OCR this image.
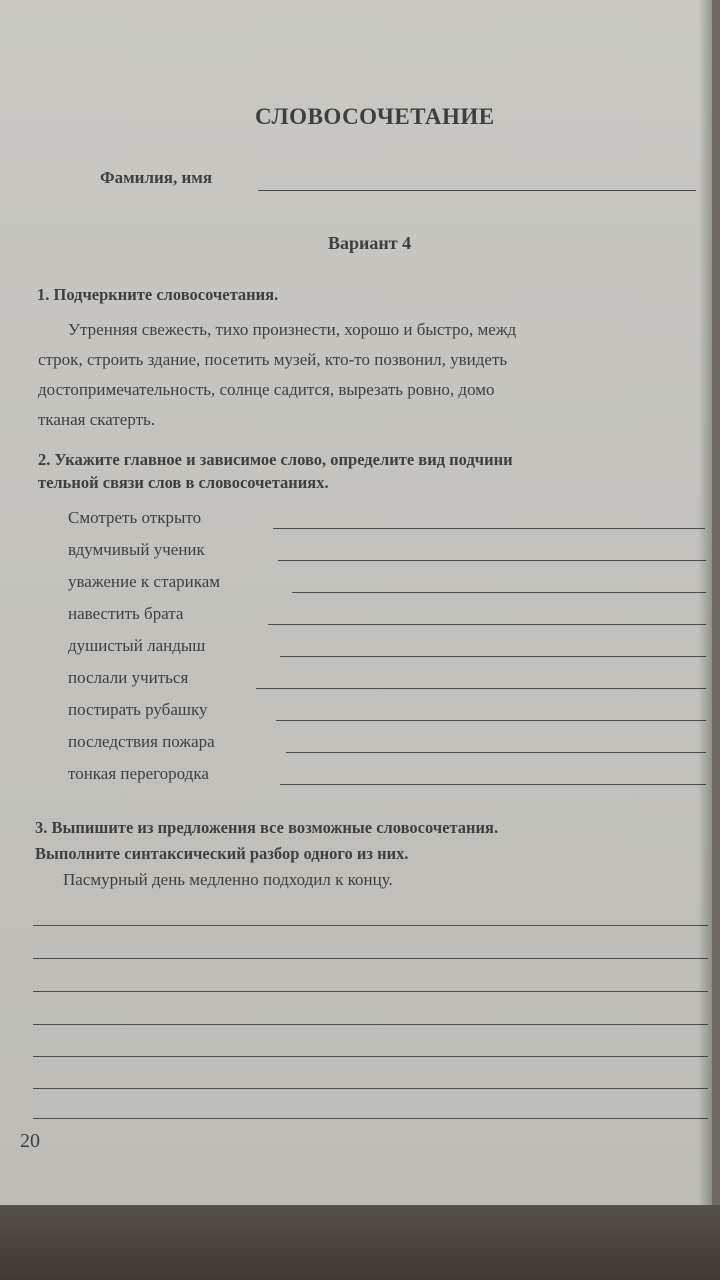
СЛОВОСОЧЕТАНИЕ
Фамилия, имя
Вариант 4
1. Подчеркните словосочетания.
Утренняя свежесть, тихо произнести, хорошо и быстро, межд
строк, строить здание, посетить музей, кто-то позвонил, увидеть
достопримечательность, солнце садится, вырезать ровно, домо
тканая скатерть.
2. Укажите главное и зависимое слово, определите вид подчини
тельной связи слов в словосочетаниях.
Смотреть открыто
вдумчивый ученик
уважение к старикам
навестить брата
душистый ландыш
послали учиться
постирать рубашку
последствия пожара
тонкая перегородка
3. Выпишите из предложения все возможные словосочетания.
Выполните синтаксический разбор одного из них.
Пасмурный день медленно подходил к концу.
20
